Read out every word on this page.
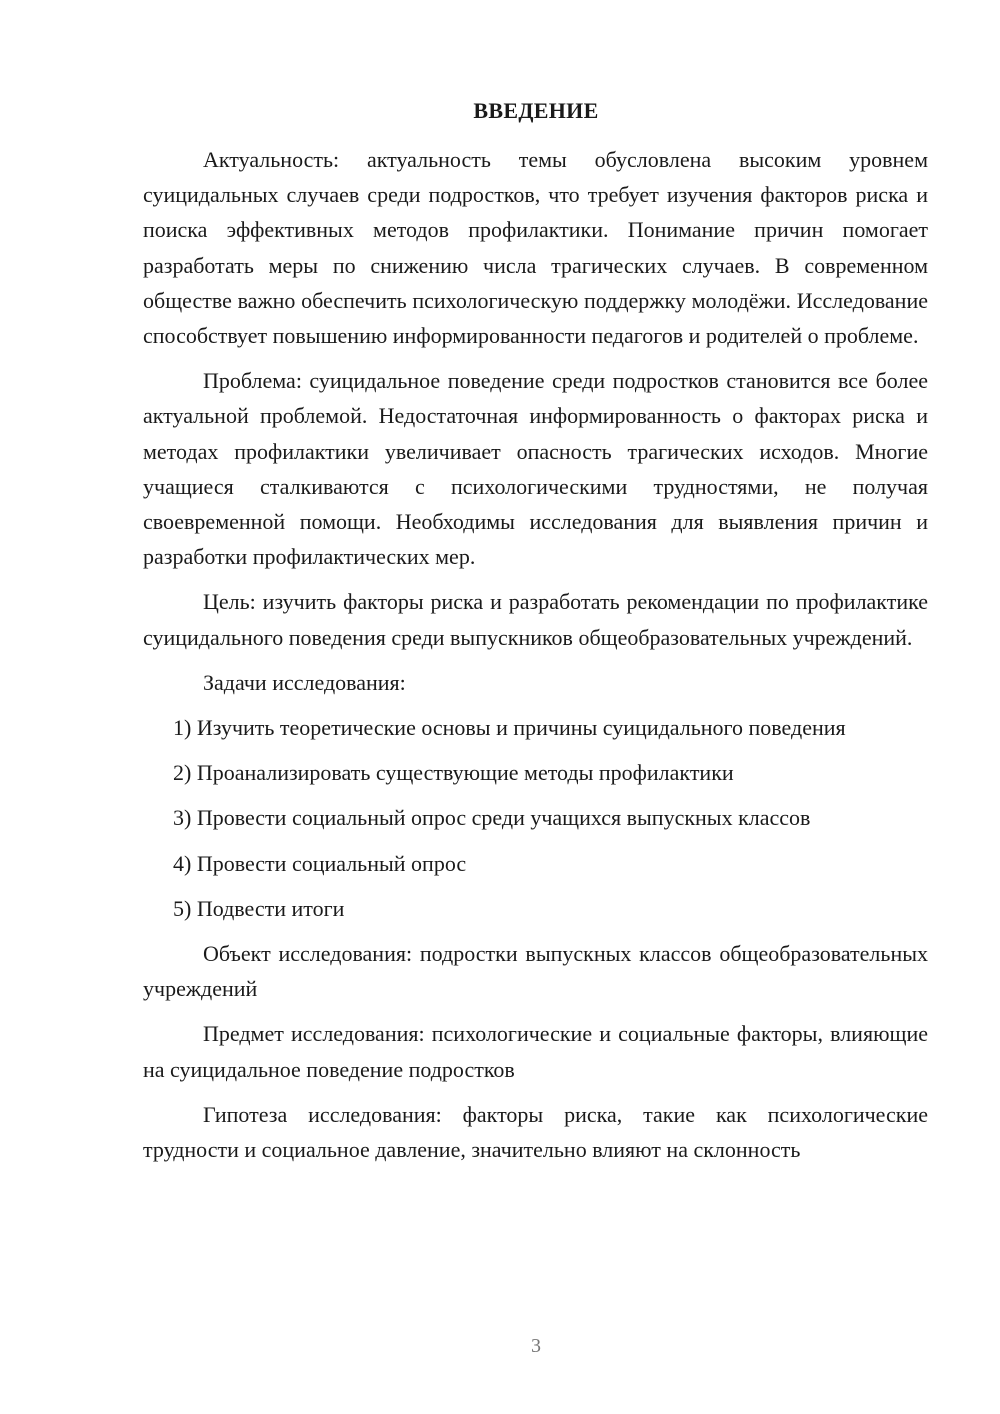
ВВЕДЕНИЕ

Актуальность: актуальность темы обусловлена высоким уровнем суицидальных случаев среди подростков, что требует изучения факторов риска и поиска эффективных методов профилактики. Понимание причин помогает разработать меры по снижению числа трагических случаев. В современном обществе важно обеспечить психологическую поддержку молодёжи. Исследование способствует повышению информированности педагогов и родителей о проблеме.

Проблема: суицидальное поведение среди подростков становится все более актуальной проблемой. Недостаточная информированность о факторах риска и методах профилактики увеличивает опасность трагических исходов. Многие учащиеся сталкиваются с психологическими трудностями, не получая своевременной помощи. Необходимы исследования для выявления причин и разработки профилактических мер.

Цель: изучить факторы риска и разработать рекомендации по профилактике суицидального поведения среди выпускников общеобразовательных учреждений.

Задачи исследования:

1) Изучить теоретические основы и причины суицидального поведения

2) Проанализировать существующие методы профилактики

3) Провести социальный опрос среди учащихся выпускных классов

4) Провести социальный опрос

5) Подвести итоги

Объект исследования: подростки выпускных классов общеобразовательных учреждений

Предмет исследования: психологические и социальные факторы, влияющие на суицидальное поведение подростков

Гипотеза исследования: факторы риска, такие как психологические трудности и социальное давление, значительно влияют на склонность

3
